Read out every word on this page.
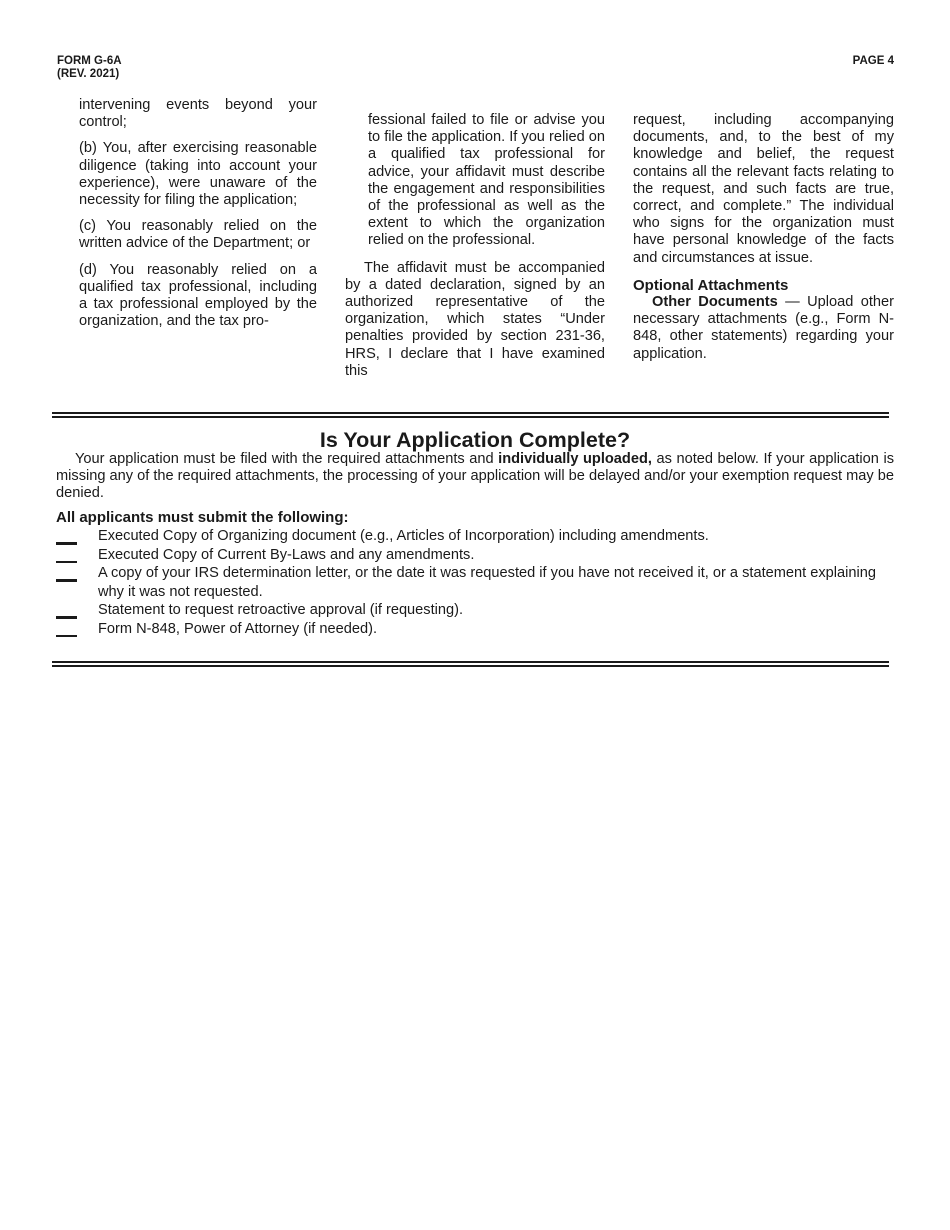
FORM G-6A
(REV. 2021)
PAGE 4

intervening events beyond your control;

(b) You, after exercising reasonable diligence (taking into account your experience), were unaware of the necessity for filing the application;

(c) You reasonably relied on the written advice of the Department; or

(d) You reasonably relied on a qualified tax professional, including a tax professional employed by the organization, and the tax pro-

fessional failed to file or advise you to file the application. If you relied on a qualified tax professional for advice, your affidavit must describe the engagement and responsibilities of the professional as well as the extent to which the organization relied on the professional.

The affidavit must be accompanied by a dated declaration, signed by an authorized representative of the organization, which states “Under penalties provided by section 231-36, HRS, I declare that I have examined this

request, including accompanying documents, and, to the best of my knowledge and belief, the request contains all the relevant facts relating to the request, and such facts are true, correct, and complete.” The individual who signs for the organization must have personal knowledge of the facts and circumstances at issue.

Optional Attachments

Other Documents — Upload other necessary attachments (e.g., Form N-848, other statements) regarding your application.

Is Your Application Complete?

Your application must be filed with the required attachments and individually uploaded, as noted below. If your application is missing any of the required attachments, the processing of your application will be delayed and/or your exemption request may be denied.

All applicants must submit the following:
Executed Copy of Organizing document (e.g., Articles of Incorporation) including amendments.
Executed Copy of Current By-Laws and any amendments.
A copy of your IRS determination letter, or the date it was requested if you have not received it, or a statement explaining why it was not requested.
Statement to request retroactive approval (if requesting).
Form N-848, Power of Attorney (if needed).
